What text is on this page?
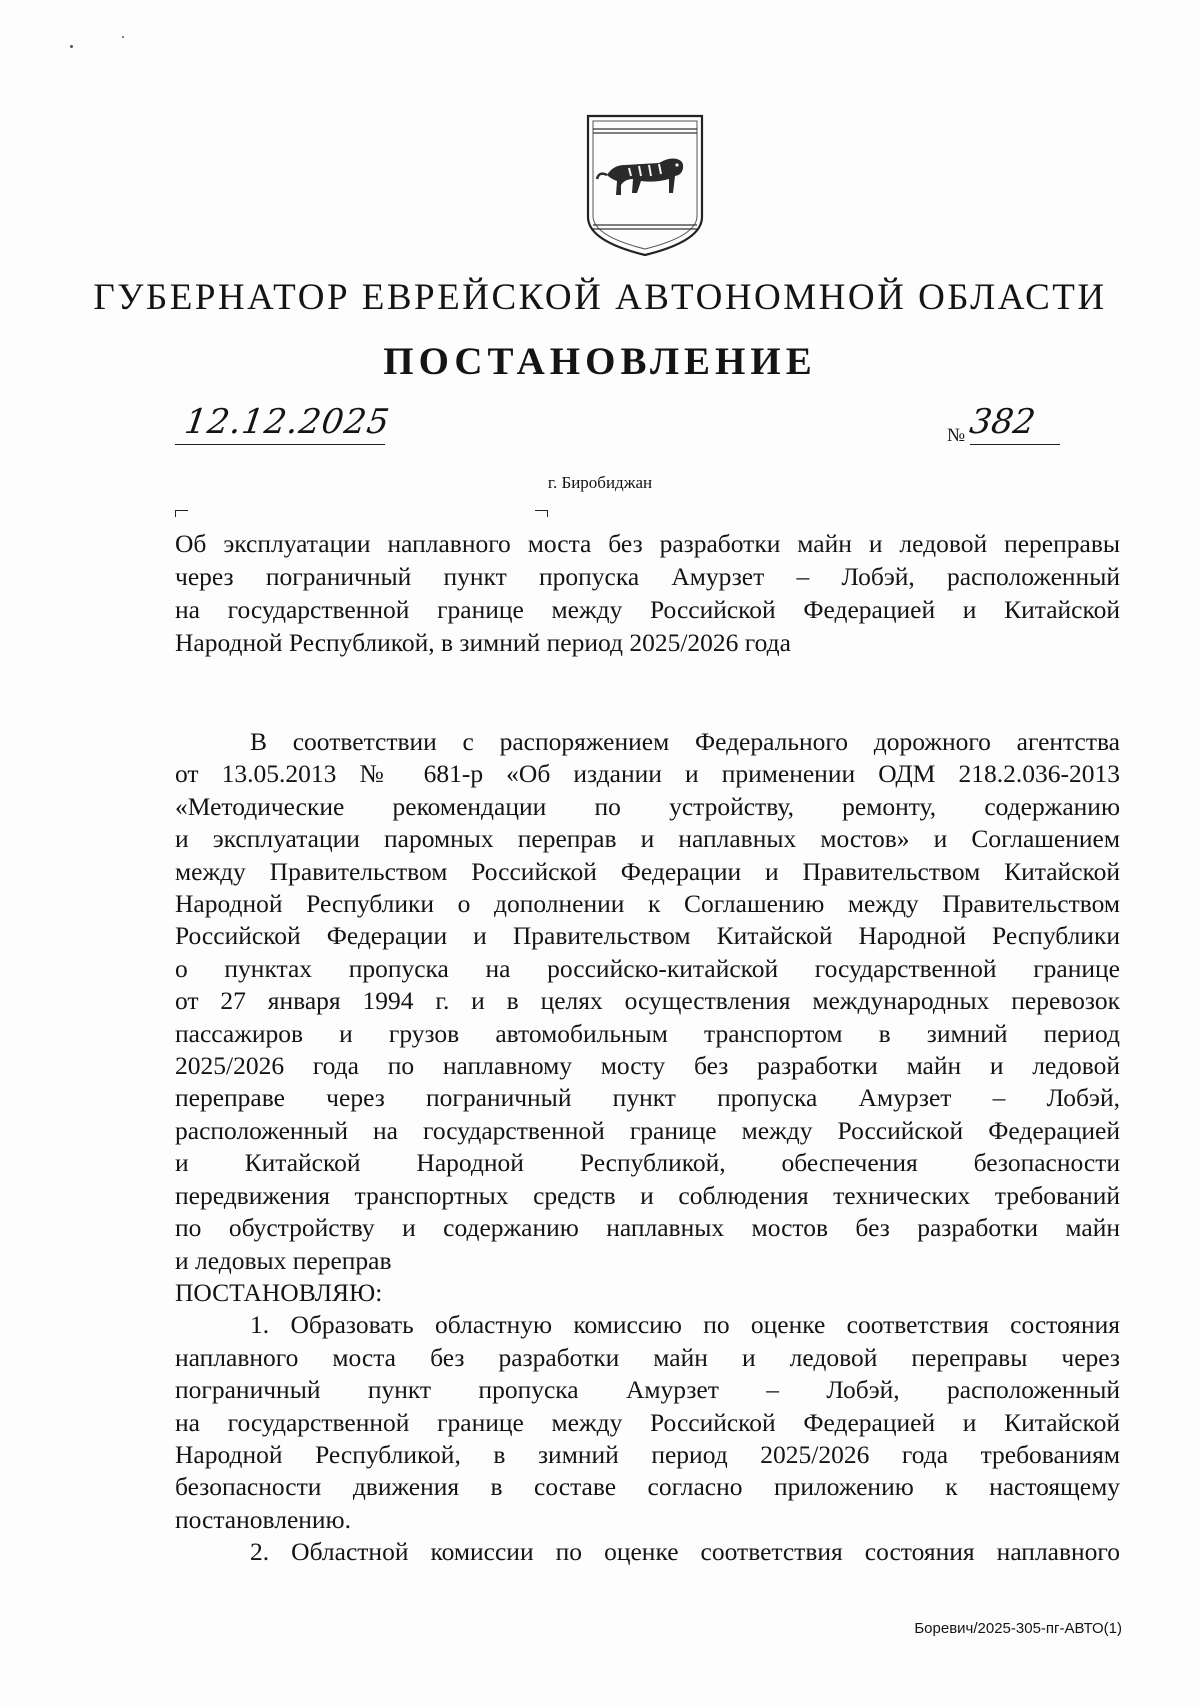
ГУБЕРНАТОР ЕВРЕЙСКОЙ АВТОНОМНОЙ ОБЛАСТИ
ПОСТАНОВЛЕНИЕ
12.12.2025	№ 382
г. Биробиджан
Об эксплуатации наплавного моста без разработки майн и ледовой переправы
через пограничный пункт пропуска Амурзет – Лобэй, расположенный
на государственной границе между Российской Федерацией и Китайской
Народной Республикой, в зимний период 2025/2026 года

В соответствии с распоряжением Федерального дорожного агентства
от 13.05.2013 № 681-р «Об издании и применении ОДМ 218.2.036-2013
«Методические рекомендации по устройству, ремонту, содержанию
и эксплуатации паромных переправ и наплавных мостов» и Соглашением
между Правительством Российской Федерации и Правительством Китайской
Народной Республики о дополнении к Соглашению между Правительством
Российской Федерации и Правительством Китайской Народной Республики
о пунктах пропуска на российско-китайской государственной границе
от 27 января 1994 г. и в целях осуществления международных перевозок
пассажиров и грузов автомобильным транспортом в зимний период
2025/2026 года по наплавному мосту без разработки майн и ледовой
переправе через пограничный пункт пропуска Амурзет – Лобэй,
расположенный на государственной границе между Российской Федерацией
и Китайской Народной Республикой, обеспечения безопасности
передвижения транспортных средств и соблюдения технических требований
по обустройству и содержанию наплавных мостов без разработки майн
и ледовых переправ

ПОСТАНОВЛЯЮ:

1. Образовать областную комиссию по оценке соответствия состояния
наплавного моста без разработки майн и ледовой переправы через
пограничный пункт пропуска Амурзет – Лобэй, расположенный
на государственной границе между Российской Федерацией и Китайской
Народной Республикой, в зимний период 2025/2026 года требованиям
безопасности движения в составе согласно приложению к настоящему
постановлению.

2. Областной комиссии по оценке соответствия состояния наплавного

Боревич/2025-305-пг-АВТО(1)
